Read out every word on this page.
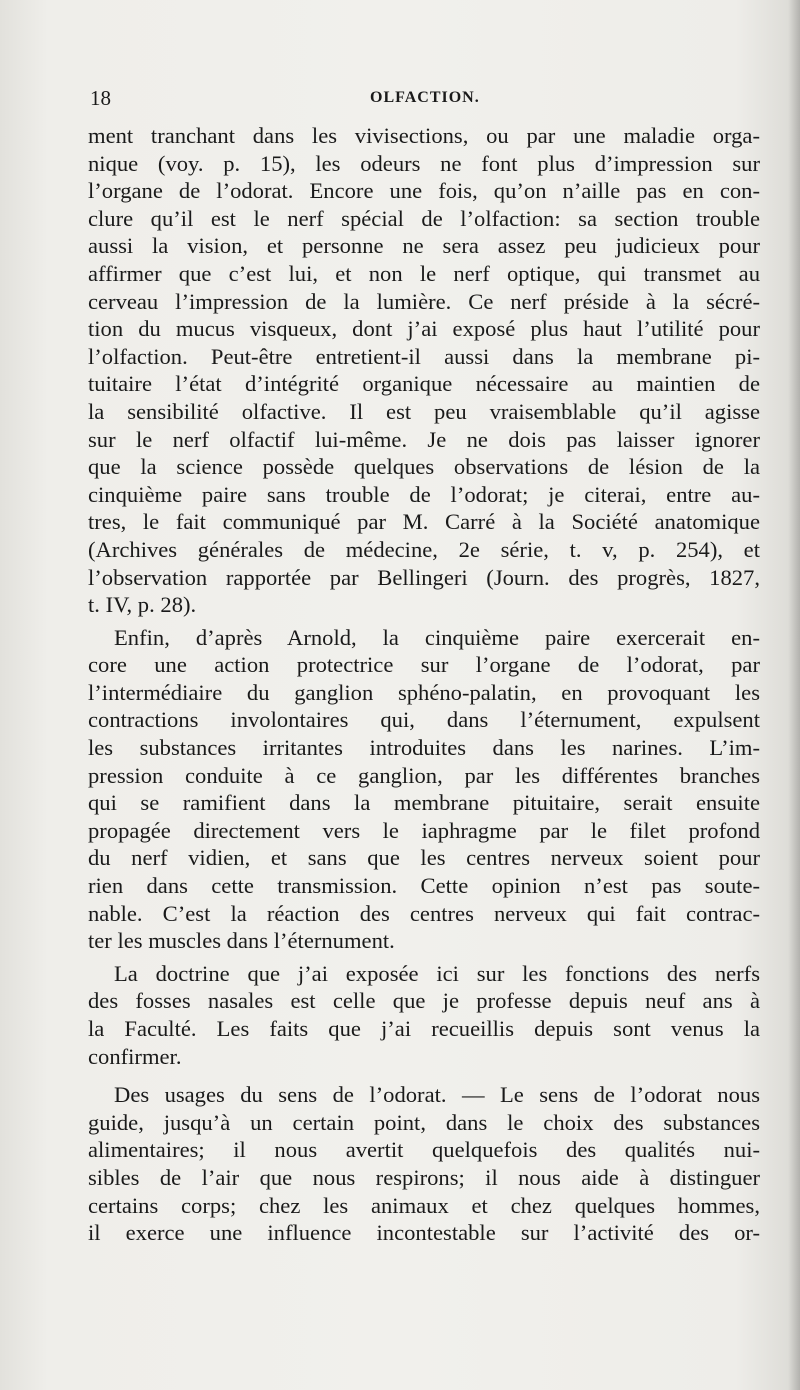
18	OLFACTION.
ment tranchant dans les vivisections, ou par une maladie orga-
nique (voy. p. 15), les odeurs ne font plus d’impression sur
l’organe de l’odorat. Encore une fois, qu’on n’aille pas en con-
clure qu’il est le nerf spécial de l’olfaction: sa section trouble
aussi la vision, et personne ne sera assez peu judicieux pour
affirmer que c’est lui, et non le nerf optique, qui transmet au
cerveau l’impression de la lumière. Ce nerf préside à la sécré-
tion du mucus visqueux, dont j’ai exposé plus haut l’utilité pour
l’olfaction. Peut-être entretient-il aussi dans la membrane pi-
tuitaire l’état d’intégrité organique nécessaire au maintien de
la sensibilité olfactive. Il est peu vraisemblable qu’il agisse
sur le nerf olfactif lui-même. Je ne dois pas laisser ignorer
que la science possède quelques observations de lésion de la
cinquième paire sans trouble de l’odorat; je citerai, entre au-
tres, le fait communiqué par M. Carré à la Société anatomique
(Archives générales de médecine, 2e série, t. v, p. 254), et
l’observation rapportée par Bellingeri (Journ. des progrès, 1827,
t. IV, p. 28).
Enfin, d’après Arnold, la cinquième paire exercerait en-
core une action protectrice sur l’organe de l’odorat, par
l’intermédiaire du ganglion sphéno-palatin, en provoquant les
contractions involontaires qui, dans l’éternument, expulsent
les substances irritantes introduites dans les narines. L’im-
pression conduite à ce ganglion, par les différentes branches
qui se ramifient dans la membrane pituitaire, serait ensuite
propagée directement vers le iaphragme par le filet profond
du nerf vidien, et sans que les centres nerveux soient pour
rien dans cette transmission. Cette opinion n’est pas soute-
nable. C’est la réaction des centres nerveux qui fait contrac-
ter les muscles dans l’éternument.
La doctrine que j’ai exposée ici sur les fonctions des nerfs
des fosses nasales est celle que je professe depuis neuf ans à
la Faculté. Les faits que j’ai recueillis depuis sont venus la
confirmer.
Des usages du sens de l’odorat. — Le sens de l’odorat nous
guide, jusqu’à un certain point, dans le choix des substances
alimentaires; il nous avertit quelquefois des qualités nui-
sibles de l’air que nous respirons; il nous aide à distinguer
certains corps; chez les animaux et chez quelques hommes,
il exerce une influence incontestable sur l’activité des or-
